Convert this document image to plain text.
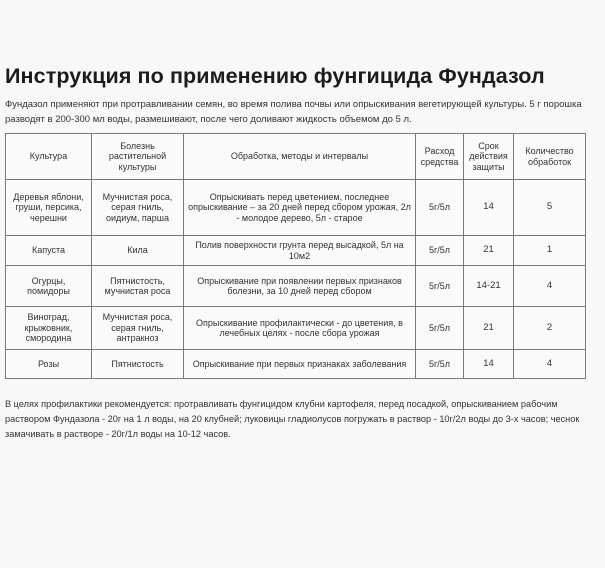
Инструкция по применению фунгицида Фундазол

Фундазол применяют при протравливании семян, во время полива почвы или опрыскивания вегетирующей культуры. 5 г порошка разводят в 200-300 мл воды, размешивают, после чего доливают жидкость объемом до 5 л.

Культура	Болезнь растительной культуры	Обработка, методы и интервалы	Расход средства	Срок действия защиты	Количество обработок
Деревья яблони, груши, персика, черешни	Мучнистая роса, серая гниль, оидиум, парша	Опрыскивать перед цветением, последнее опрыскивание – за 20 дней перед сбором урожая, 2л - молодое дерево, 5л - старое	5г/5л	14	5
Капуста	Кила	Полив поверхности грунта перед высадкой, 5л на 10м2	5г/5л	21	1
Огурцы, помидоры	Пятнистость, мучнистая роса	Опрыскивание при появлении первых признаков болезни, за 10 дней перед сбором	5г/5л	14-21	4
Виноград, крыжовник, смородина	Мучнистая роса, серая гниль, антракноз	Опрыскивание профилактически - до цветения, в лечебных целях - после сбора урожая	5г/5л	21	2
Розы	Пятнистость	Опрыскивание при первых признаках заболевания	5г/5л	14	4

В целях профилактики рекомендуется: протравливать фунгицидом клубни картофеля, перед посадкой, опрыскиванием рабочим раствором Фундазола - 20г на 1 л воды, на 20 клубней; луковицы гладиолусов погружать в раствор - 10г/2л воды до 3-х часов; чеснок замачивать в растворе - 20г/1л воды на 10-12 часов.
